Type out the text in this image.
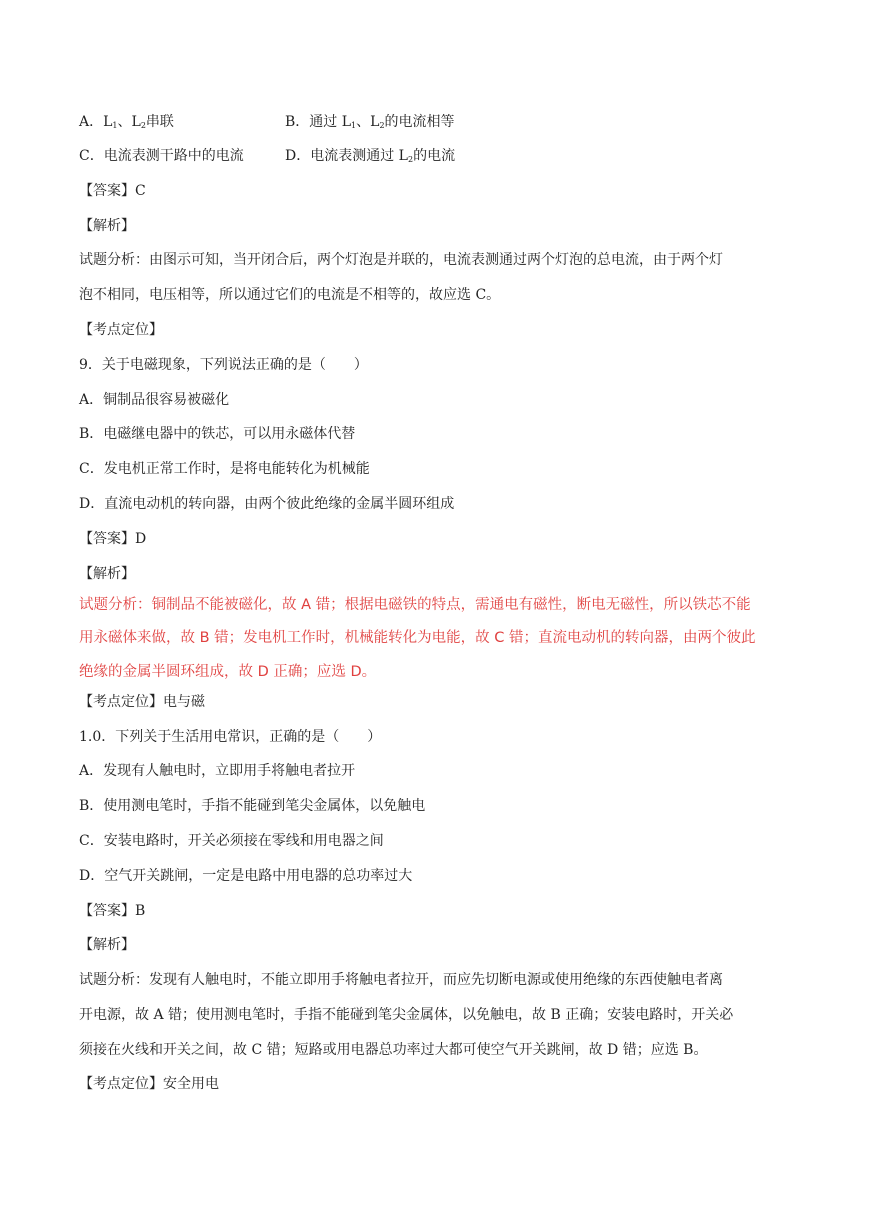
A．$L_1$、$L_2$串联	B．通过 $L_1$、$L_2$的电流相等
C．电流表测干路中的电流	D．电流表测通过 $L_2$的电流
【答案】C
【解析】
试题分析：由图示可知，当开闭合后，两个灯泡是并联的，电流表测通过两个灯泡的总电流，由于两个灯
泡不相同，电压相等，所以通过它们的电流是不相等的，故应选 C。
【考点定位】
9．关于电磁现象，下列说法正确的是（　　）
A．铜制品很容易被磁化
B．电磁继电器中的铁芯，可以用永磁体代替
C．发电机正常工作时，是将电能转化为机械能
D．直流电动机的转向器，由两个彼此绝缘的金属半圆环组成
【答案】D
【解析】
试题分析：铜制品不能被磁化，故 A 错；根据电磁铁的特点，需通电有磁性，断电无磁性，所以铁芯不能
用永磁体来做，故 B 错；发电机工作时，机械能转化为电能，故 C 错；直流电动机的转向器，由两个彼此
绝缘的金属半圆环组成，故 D 正确；应选 D。
【考点定位】电与磁
1.0．下列关于生活用电常识，正确的是（　　）
A．发现有人触电时，立即用手将触电者拉开
B．使用测电笔时，手指不能碰到笔尖金属体，以免触电
C．安装电路时，开关必须接在零线和用电器之间
D．空气开关跳闸，一定是电路中用电器的总功率过大
【答案】B
【解析】
试题分析：发现有人触电时，不能立即用手将触电者拉开，而应先切断电源或使用绝缘的东西使触电者离
开电源，故 A 错；使用测电笔时，手指不能碰到笔尖金属体，以免触电，故 B 正确；安装电路时，开关必
须接在火线和开关之间，故 C 错；短路或用电器总功率过大都可使空气开关跳闸，故 D 错；应选 B。
【考点定位】安全用电
